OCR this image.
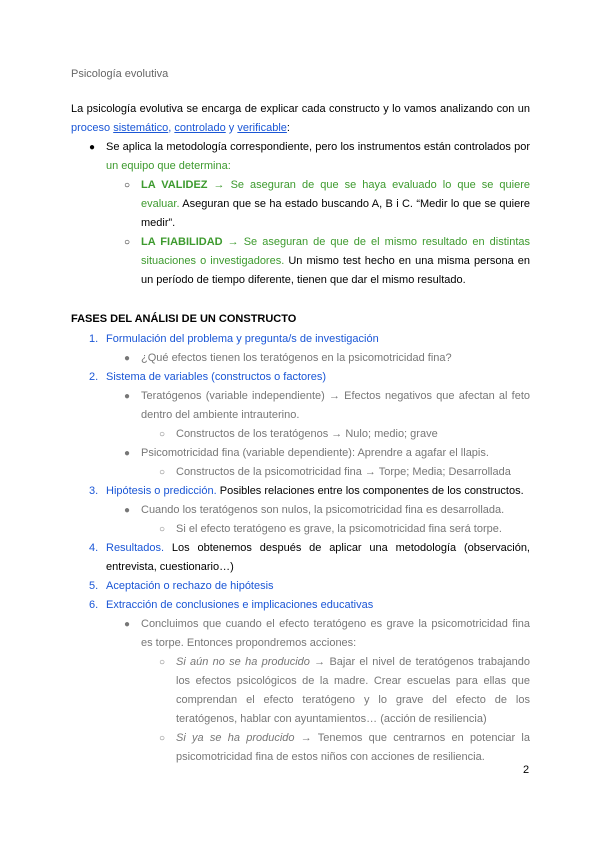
Psicología evolutiva

La psicología evolutiva se encarga de explicar cada constructo y lo vamos analizando con un proceso sistemático, controlado y verificable:

● Se aplica la metodología correspondiente, pero los instrumentos están controlados por un equipo que determina:
○ LA VALIDEZ → Se aseguran de que se haya evaluado lo que se quiere evaluar. Aseguran que se ha estado buscando A, B i C. “Medir lo que se quiere medir”.
○ LA FIABILIDAD → Se aseguran de que de el mismo resultado en distintas situaciones o investigadores. Un mismo test hecho en una misma persona en un período de tiempo diferente, tienen que dar el mismo resultado.

FASES DEL ANÁLISI DE UN CONSTRUCTO

1. Formulación del problema y pregunta/s de investigación
● ¿Qué efectos tienen los teratógenos en la psicomotricidad fina?
2. Sistema de variables (constructos o factores)
● Teratógenos (variable independiente) → Efectos negativos que afectan al feto dentro del ambiente intrauterino.
○ Constructos de los teratógenos → Nulo; medio; grave
● Psicomotricidad fina (variable dependiente): Aprendre a agafar el llapis.
○ Constructos de la psicomotricidad fina → Torpe; Media; Desarrollada
3. Hipótesis o predicción. Posibles relaciones entre los componentes de los constructos.
● Cuando los teratógenos son nulos, la psicomotricidad fina es desarrollada.
○ Si el efecto teratógeno es grave, la psicomotricidad fina será torpe.
4. Resultados. Los obtenemos después de aplicar una metodología (observación, entrevista, cuestionario…)
5. Aceptación o rechazo de hipótesis
6. Extracción de conclusiones e implicaciones educativas
● Concluimos que cuando el efecto teratógeno es grave la psicomotricidad fina es torpe. Entonces propondremos acciones:
○ Si aún no se ha producido → Bajar el nivel de teratógenos trabajando los efectos psicológicos de la madre. Crear escuelas para ellas que comprendan el efecto teratógeno y lo grave del efecto de los teratógenos, hablar con ayuntamientos… (acción de resiliencia)
○ Si ya se ha producido → Tenemos que centrarnos en potenciar la psicomotricidad fina de estos niños con acciones de resiliencia.
2
